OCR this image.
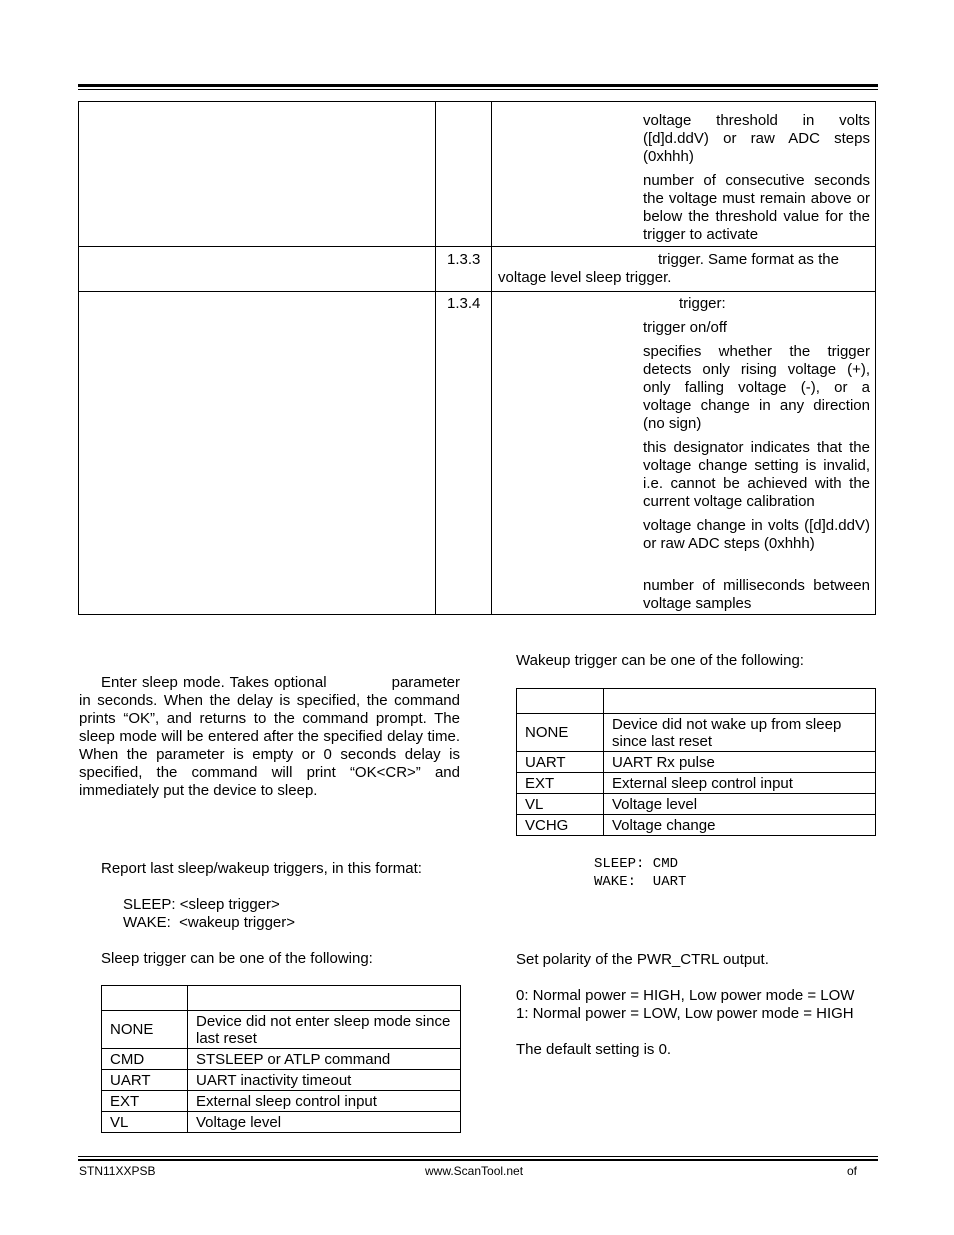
voltage threshold in volts ([d]d.ddV) or raw ADC steps (0xhhh)
number of consecutive seconds the voltage must remain above or below the threshold value for the trigger to activate
1.3.3	trigger. Same format as the voltage level sleep trigger.
1.3.4	trigger:
trigger on/off
specifies whether the trigger detects only rising voltage (+), only falling voltage (-), or a voltage change in any direction (no sign)
this designator indicates that the voltage change setting is invalid, i.e. cannot be achieved with the current voltage calibration
voltage change in volts ([d]d.ddV) or raw ADC steps (0xhhh)
number of milliseconds between voltage samples
Enter sleep mode. Takes optional	parameter
in seconds. When the delay is specified, the command prints “OK”, and returns to the command prompt. The sleep mode will be entered after the specified delay time. When the parameter is empty or 0 seconds delay is specified, the command will print “OK<CR>” and immediately put the device to sleep.
Report last sleep/wakeup triggers, in this format:
SLEEP: <sleep trigger>
WAKE:  <wakeup trigger>
Sleep trigger can be one of the following:

NONE	Device did not enter sleep mode since last reset
CMD	STSLEEP or ATLP command
UART	UART inactivity timeout
EXT	External sleep control input
VL	Voltage level
Wakeup trigger can be one of the following:

NONE	Device did not wake up from sleep since last reset
UART	UART Rx pulse
EXT	External sleep control input
VL	Voltage level
VCHG	Voltage change
SLEEP: CMD
WAKE:  UART
Set polarity of the PWR_CTRL output.
0: Normal power = HIGH, Low power mode = LOW
1: Normal power = LOW, Low power mode = HIGH
The default setting is 0.
STN11XXPSB	www.ScanTool.net	of
